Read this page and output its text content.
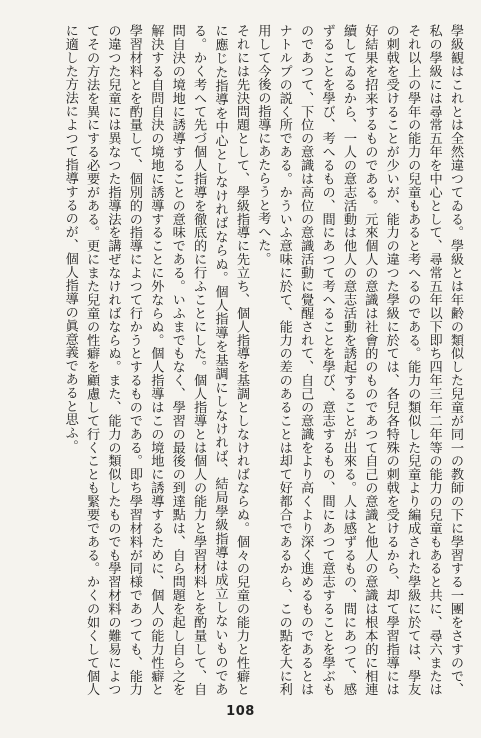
學級観はこれとは全然違つてゐる。學級とは年齢の類似した兒童が同一の教師の下に學習する一團をさすので、私の學級には尋常五年を中心として、尋常五年以下即ち四年三年二年等の能力の兒童もあると共に、尋六またはそれ以上の學年の能力の兒童もあると考へるのである。能力の類似した兒童より編成された學級に於ては、學友の刺戟を受けることが少いが、能力の違つた學級に於ては、各兒各特殊の刺戟を受けるから、却て學習指導には好結果を招来するものである。元來個人の意識は社會的のものであつて自己の意識と他人の意識は根本的に相連續してゐるから、一人の意志活動は他人の意志活動を誘起することが出來る。人は感ずるもの、間にあつて、感ずることを學び、考へるもの、間にあつて考へることを學び、意志するもの、間にあつて意志することを學ぶものであつて、下位の意識は高位の意識活動に覺醒されて、自己の意識をより高くより深く進めるものであるとはナトルプの説く所である。かういふ意味に於て、能力の差のあることは却て好都合であるから、この點を大に利用して今後の指導にあたらうと考へた。

それには先決問題として、學級指導に先立ち、個人指導を基調としなければならぬ。個々の兒童の能力と性癖とに應じた指導を中心としなければならぬ。個人指導を基調にしなければ、結局學級指導は成立しないものである。かく考へて先づ個人指導を徹底的に行ふことにした。個人指導とは個人の能力と學習材料とを酌量して、自問自決の境地に誘導することの意味である。いふまでもなく、學習の最後の到達點は、自ら問題を起し自ら之を解決する自問自決の境地に誘導することに外ならぬ。個人指導はこの境地に誘導するために、個人の能力性癖と學習材料とを酌量して、個別的の指導によつて行かうとするものである。即ち學習材料が同様であつても、能力の違つた兒童には異なつた指導法を講ぜなければならぬ。また、能力の類似したものでも學習材料の難易によつてその方法を異にする必要がある。更にまた兒童の性癖を顧慮して行くことも緊要である。かくの如くして個人に適した方法によつて指導するのが、個人指導の眞意義であると思ふ。

108
